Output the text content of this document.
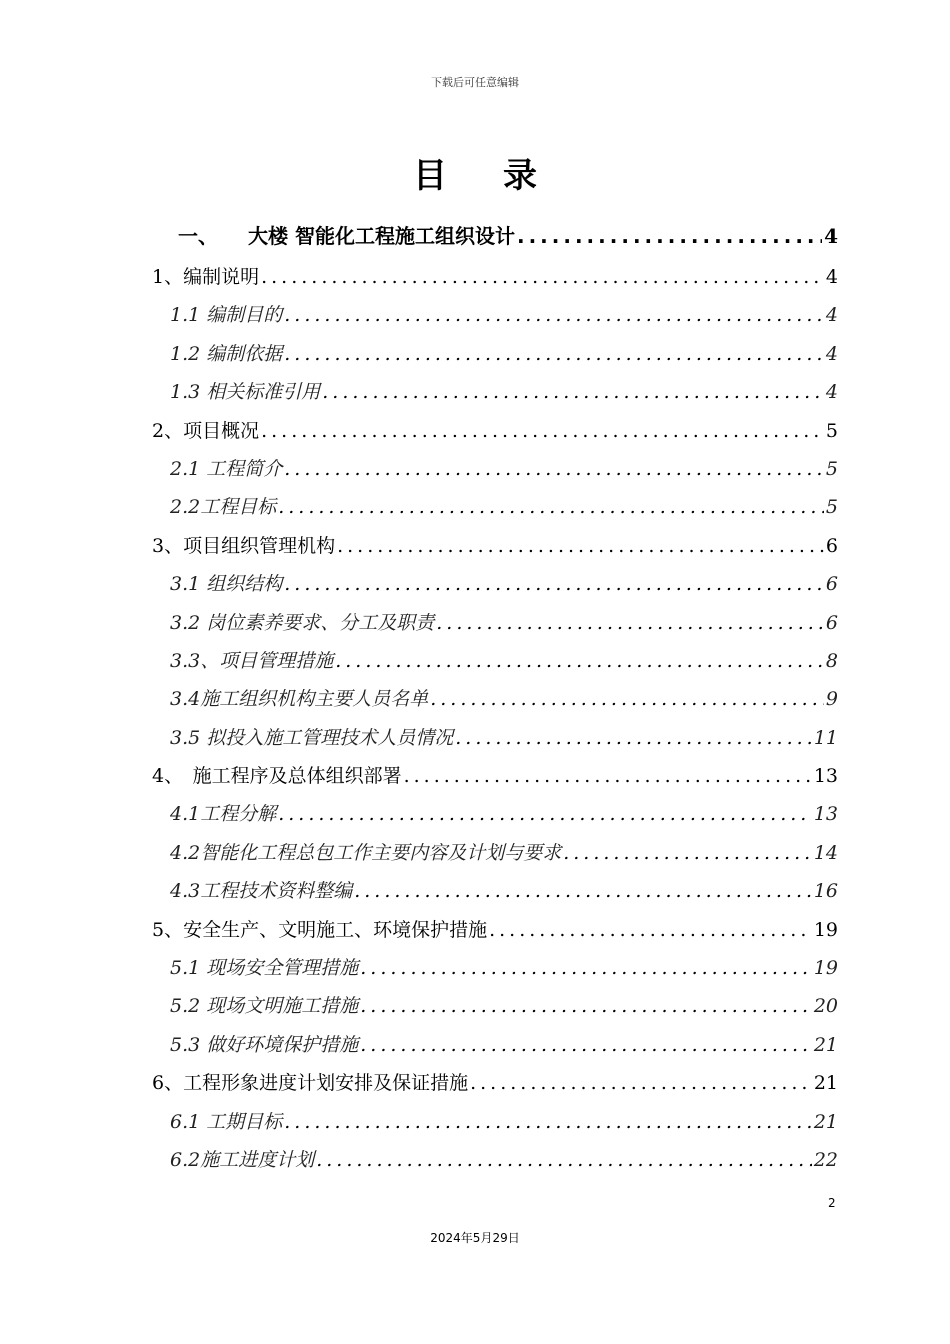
下载后可任意编辑
目录
一、　　大楼 智能化工程施工组织设计 .....	4
1、编制说明 .....	4
1.1 编制目的 .....	4
1.2 编制依据 .....	4
1.3 相关标准引用 .....	4
2、项目概况 .....	5
2.1 工程简介 .....	5
2.2工程目标 .....	5
3、项目组织管理机构 .....	6
3.1 组织结构 .....	6
3.2 岗位素养要求、分工及职责 .....	6
3.3、项目管理措施 .....	8
3.4施工组织机构主要人员名单 .....	9
3.5 拟投入施工管理技术人员情况 .....	11
4、　施工程序及总体组织部署 .....	13
4.1工程分解 .....	13
4.2智能化工程总包工作主要内容及计划与要求 .....	14
4.3工程技术资料整编 .....	16
5、安全生产、文明施工、环境保护措施 .....	19
5.1 现场安全管理措施 .....	19
5.2 现场文明施工措施 .....	20
5.3 做好环境保护措施 .....	21
6、工程形象进度计划安排及保证措施 .....	21
6.1 工期目标 .....	21
6.2施工进度计划 .....	22
2
2024年5月29日
